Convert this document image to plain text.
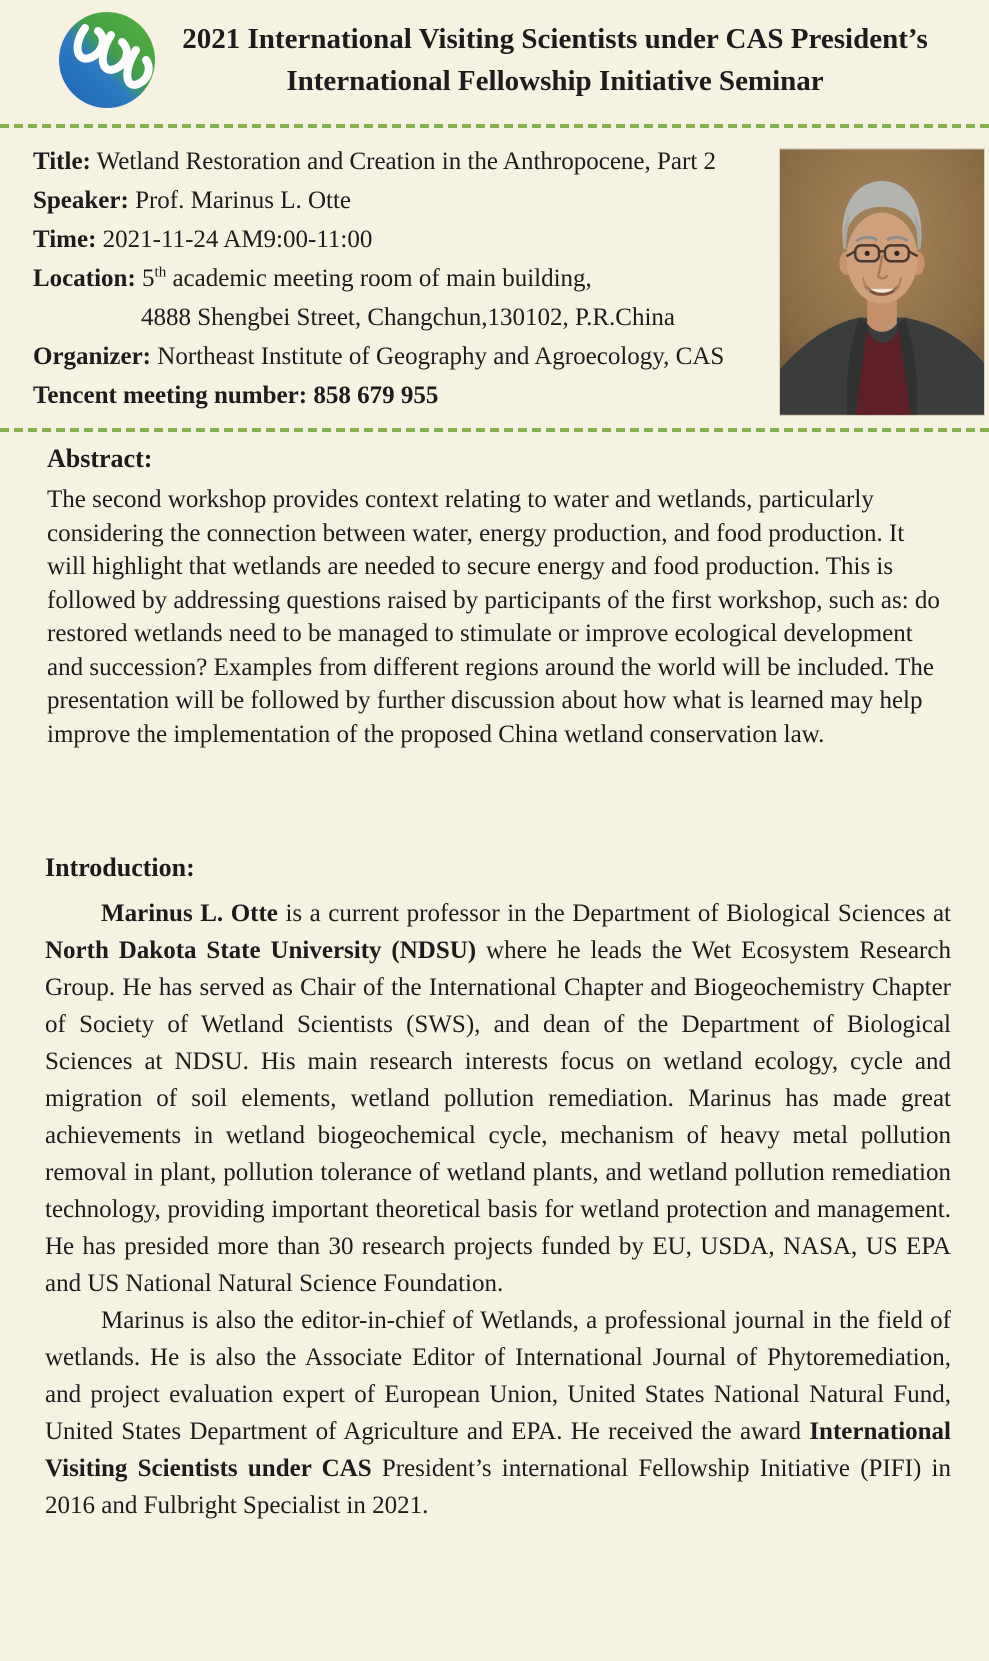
2021 International Visiting Scientists under CAS President’s
International Fellowship Initiative Seminar
Title: Wetland Restoration and Creation in the Anthropocene, Part 2
Speaker: Prof. Marinus L. Otte
Time: 2021-11-24 AM9:00-11:00
Location: 5th academic meeting room of main building,
4888 Shengbei Street, Changchun,130102, P.R.China
Organizer: Northeast Institute of Geography and Agroecology, CAS
Tencent meeting number: 858 679 955
Abstract:

The second workshop provides context relating to water and wetlands, particularly considering the connection between water, energy production, and food production. It will highlight that wetlands are needed to secure energy and food production. This is followed by addressing questions raised by participants of the first workshop, such as: do restored wetlands need to be managed to stimulate or improve ecological development and succession? Examples from different regions around the world will be included. The presentation will be followed by further discussion about how what is learned may help improve the implementation of the proposed China wetland conservation law.

Introduction:

Marinus L. Otte is a current professor in the Department of Biological Sciences at North Dakota State University (NDSU) where he leads the Wet Ecosystem Research Group. He has served as Chair of the International Chapter and Biogeochemistry Chapter of Society of Wetland Scientists (SWS), and dean of the Department of Biological Sciences at NDSU. His main research interests focus on wetland ecology, cycle and migration of soil elements, wetland pollution remediation. Marinus has made great achievements in wetland biogeochemical cycle, mechanism of heavy metal pollution removal in plant, pollution tolerance of wetland plants, and wetland pollution remediation technology, providing important theoretical basis for wetland protection and management. He has presided more than 30 research projects funded by EU, USDA, NASA, US EPA and US National Natural Science Foundation.

Marinus is also the editor-in-chief of Wetlands, a professional journal in the field of wetlands. He is also the Associate Editor of International Journal of Phytoremediation, and project evaluation expert of European Union, United States National Natural Fund, United States Department of Agriculture and EPA. He received the award International Visiting Scientists under CAS President’s international Fellowship Initiative (PIFI) in 2016 and Fulbright Specialist in 2021.
